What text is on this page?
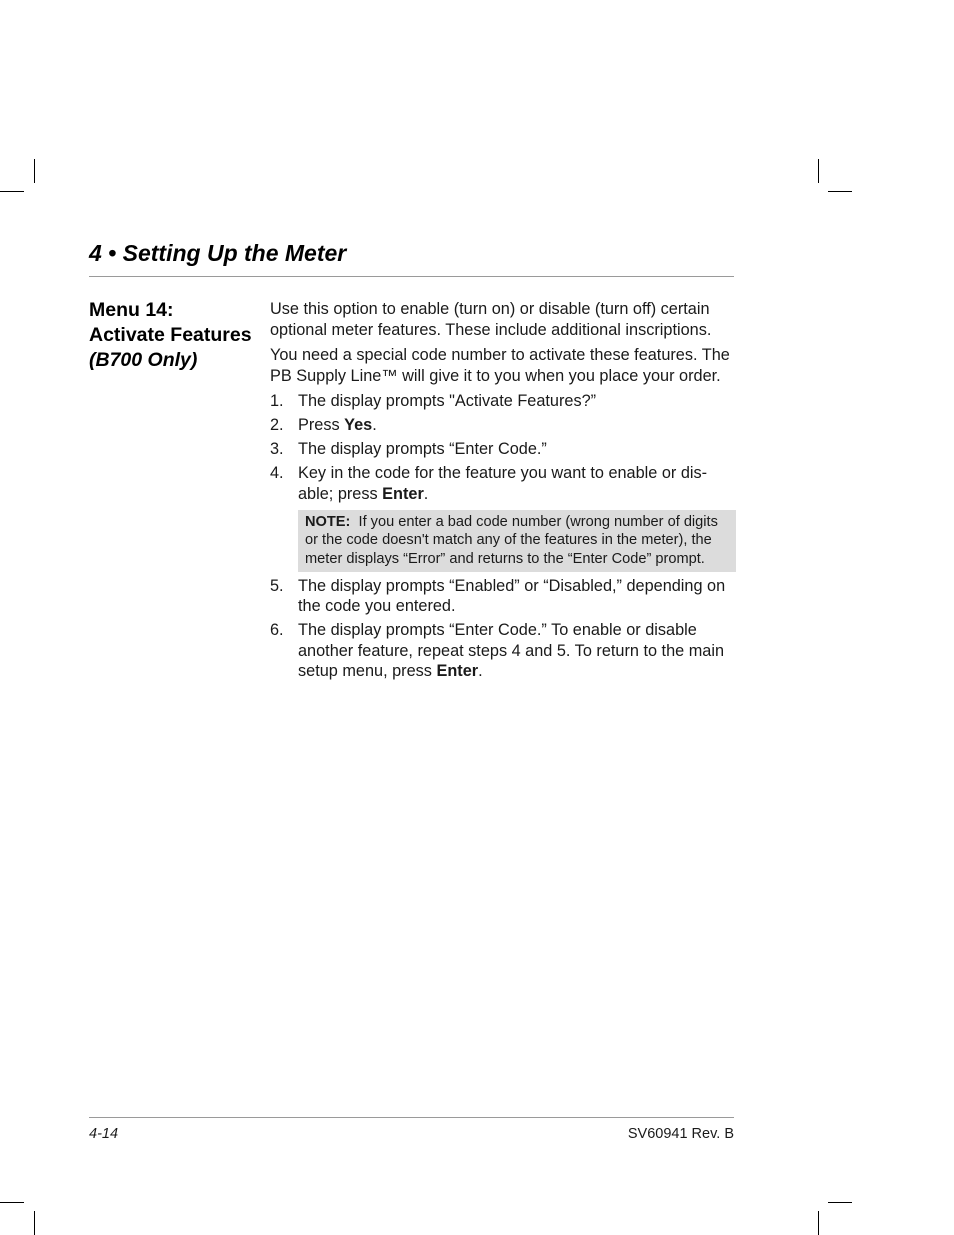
4 • Setting Up the Meter
Menu 14:
Activate Features
(B700 Only)

Use this option to enable (turn on) or disable (turn off) certain optional meter features. These include additional inscriptions.

You need a special code number to activate these features. The PB Supply Line™ will give it to you when you place your order.

1. The display prompts "Activate Features?”
2. Press Yes.
3. The display prompts “Enter Code.”
4. Key in the code for the feature you want to enable or dis-able; press Enter.
NOTE: If you enter a bad code number (wrong number of digits or the code doesn't match any of the features in the meter), the meter displays “Error” and returns to the “Enter Code” prompt.
5. The display prompts “Enabled” or “Disabled,” depending on the code you entered.
6. The display prompts “Enter Code.” To enable or disable another feature, repeat steps 4 and 5. To return to the main setup menu, press Enter.
4-14	SV60941 Rev. B
